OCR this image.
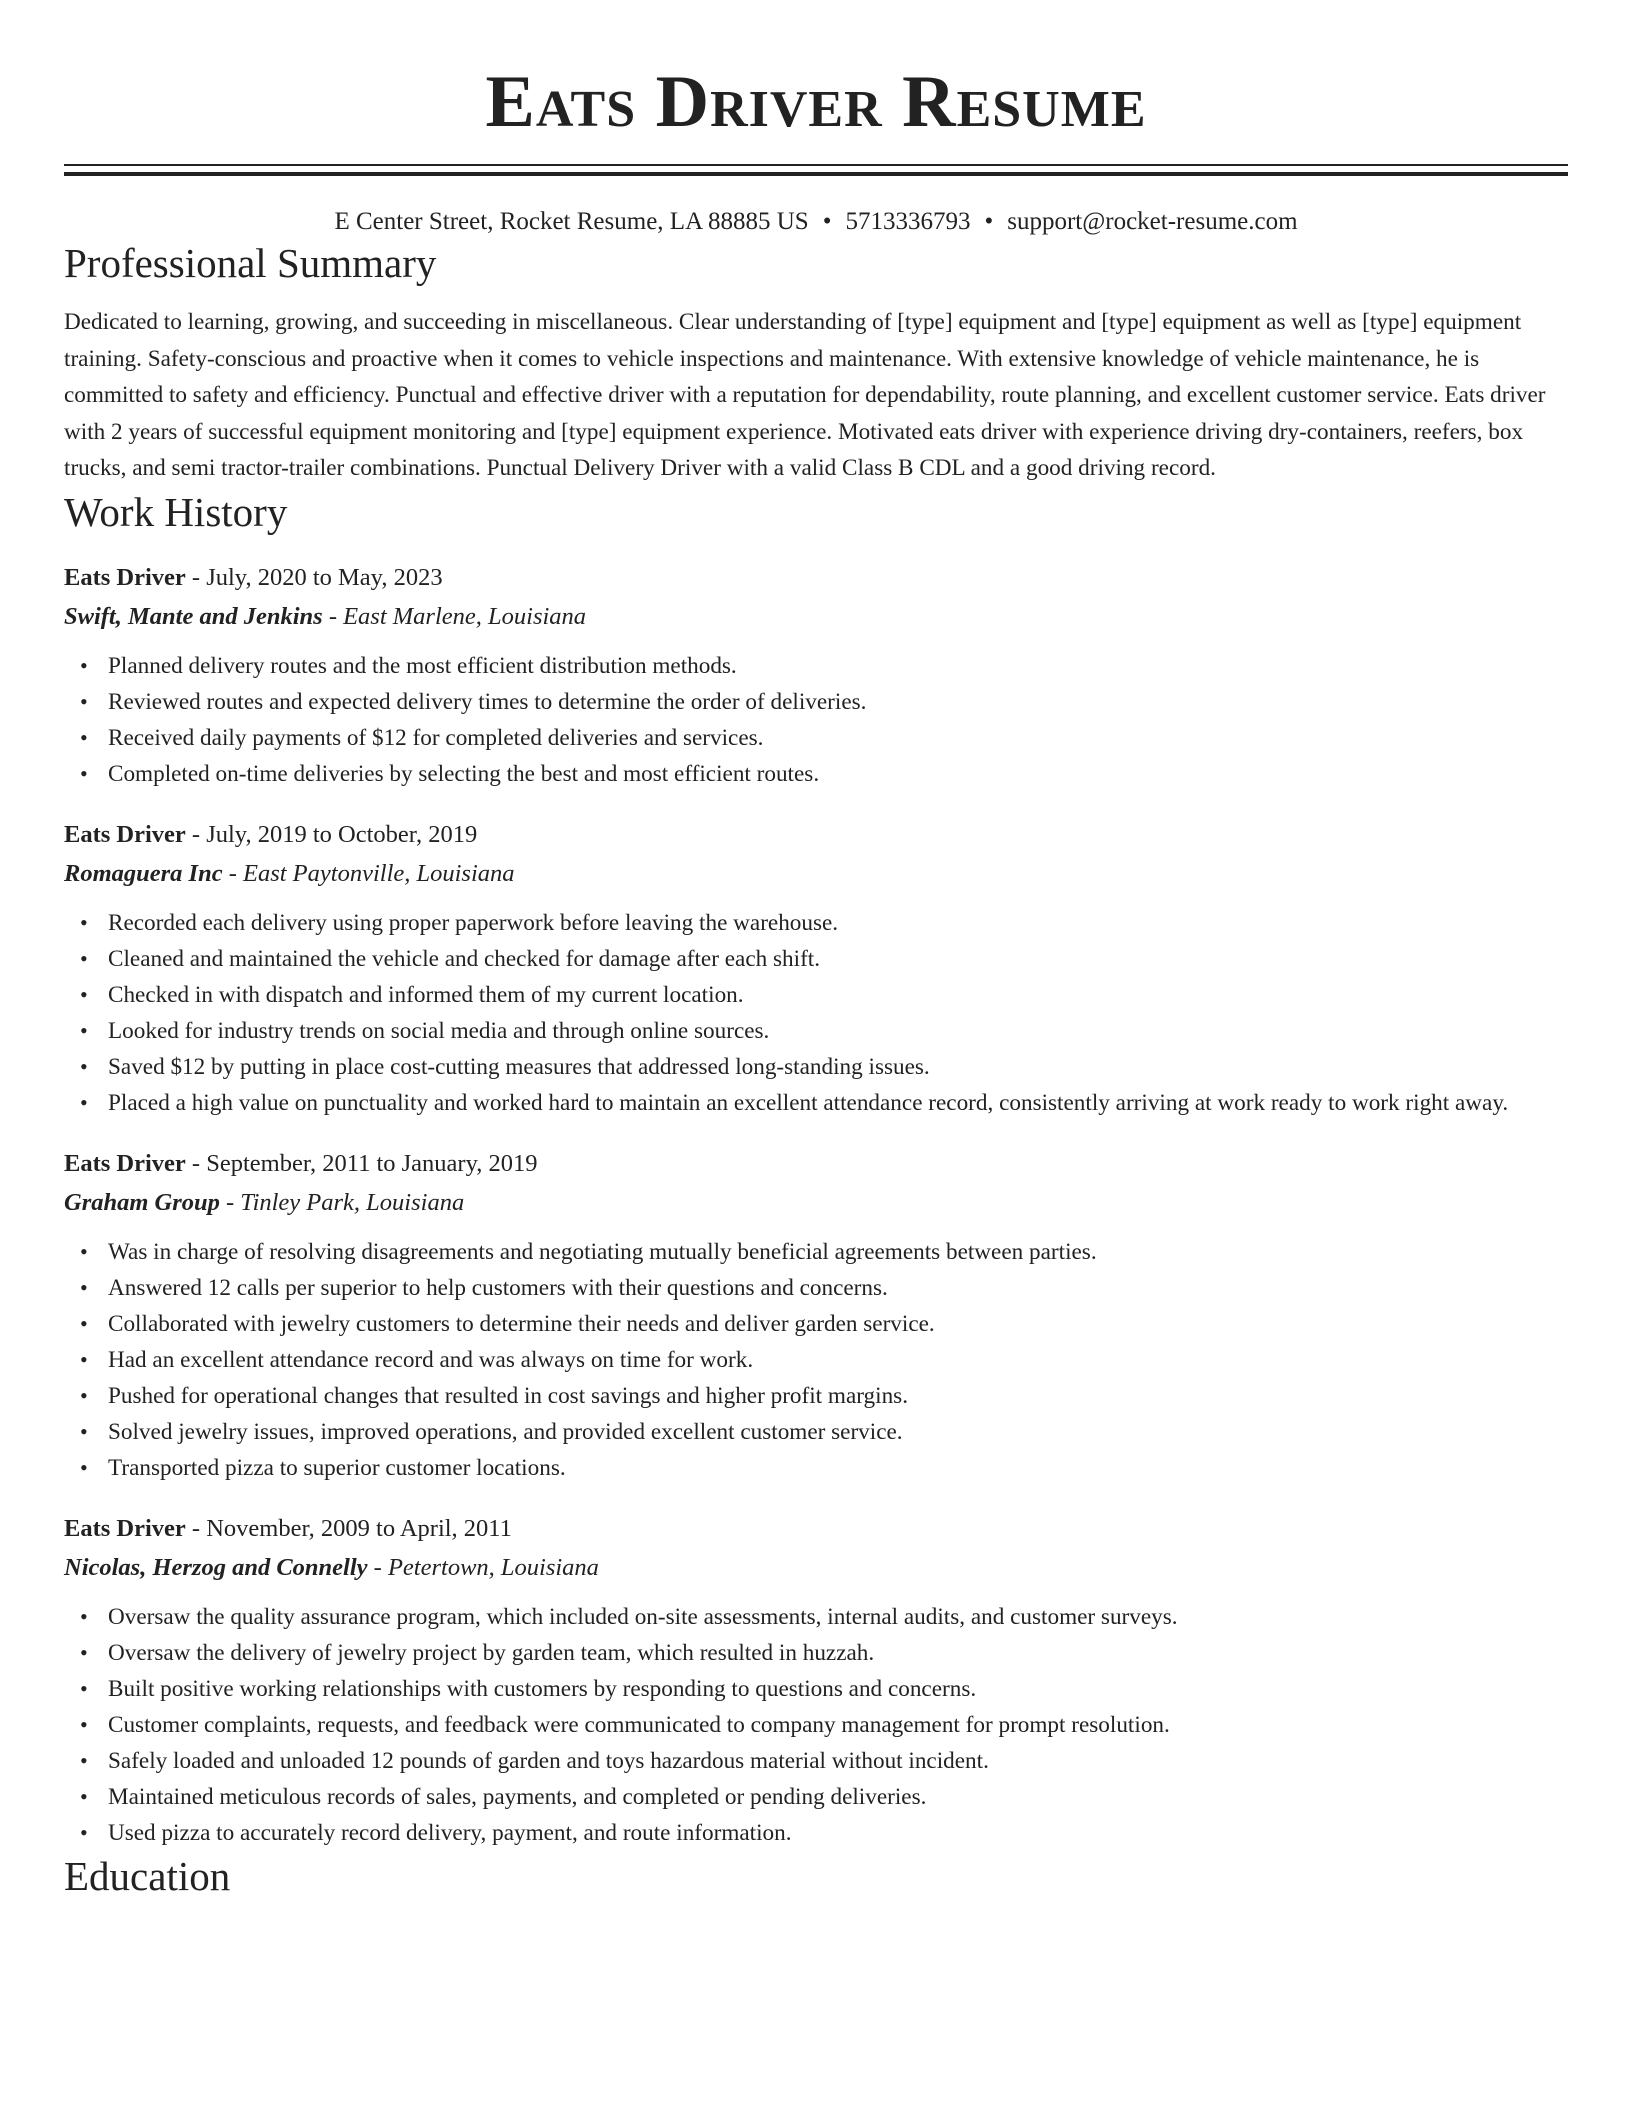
Eats Driver Resume
E Center Street, Rocket Resume, LA 88885 US • 5713336793 • support@rocket-resume.com
Professional Summary

Dedicated to learning, growing, and succeeding in miscellaneous. Clear understanding of [type] equipment and [type] equipment as well as [type] equipment training. Safety-conscious and proactive when it comes to vehicle inspections and maintenance. With extensive knowledge of vehicle maintenance, he is committed to safety and efficiency. Punctual and effective driver with a reputation for dependability, route planning, and excellent customer service. Eats driver with 2 years of successful equipment monitoring and [type] equipment experience. Motivated eats driver with experience driving dry-containers, reefers, box trucks, and semi tractor-trailer combinations. Punctual Delivery Driver with a valid Class B CDL and a good driving record.

Work History
Eats Driver - July, 2020 to May, 2023
Swift, Mante and Jenkins - East Marlene, Louisiana
• Planned delivery routes and the most efficient distribution methods.
• Reviewed routes and expected delivery times to determine the order of deliveries.
• Received daily payments of $12 for completed deliveries and services.
• Completed on-time deliveries by selecting the best and most efficient routes.
Eats Driver - July, 2019 to October, 2019
Romaguera Inc - East Paytonville, Louisiana
• Recorded each delivery using proper paperwork before leaving the warehouse.
• Cleaned and maintained the vehicle and checked for damage after each shift.
• Checked in with dispatch and informed them of my current location.
• Looked for industry trends on social media and through online sources.
• Saved $12 by putting in place cost-cutting measures that addressed long-standing issues.
• Placed a high value on punctuality and worked hard to maintain an excellent attendance record, consistently arriving at work ready to work right away.
Eats Driver - September, 2011 to January, 2019
Graham Group - Tinley Park, Louisiana
• Was in charge of resolving disagreements and negotiating mutually beneficial agreements between parties.
• Answered 12 calls per superior to help customers with their questions and concerns.
• Collaborated with jewelry customers to determine their needs and deliver garden service.
• Had an excellent attendance record and was always on time for work.
• Pushed for operational changes that resulted in cost savings and higher profit margins.
• Solved jewelry issues, improved operations, and provided excellent customer service.
• Transported pizza to superior customer locations.
Eats Driver - November, 2009 to April, 2011
Nicolas, Herzog and Connelly - Petertown, Louisiana
• Oversaw the quality assurance program, which included on-site assessments, internal audits, and customer surveys.
• Oversaw the delivery of jewelry project by garden team, which resulted in huzzah.
• Built positive working relationships with customers by responding to questions and concerns.
• Customer complaints, requests, and feedback were communicated to company management for prompt resolution.
• Safely loaded and unloaded 12 pounds of garden and toys hazardous material without incident.
• Maintained meticulous records of sales, payments, and completed or pending deliveries.
• Used pizza to accurately record delivery, payment, and route information.
Education
